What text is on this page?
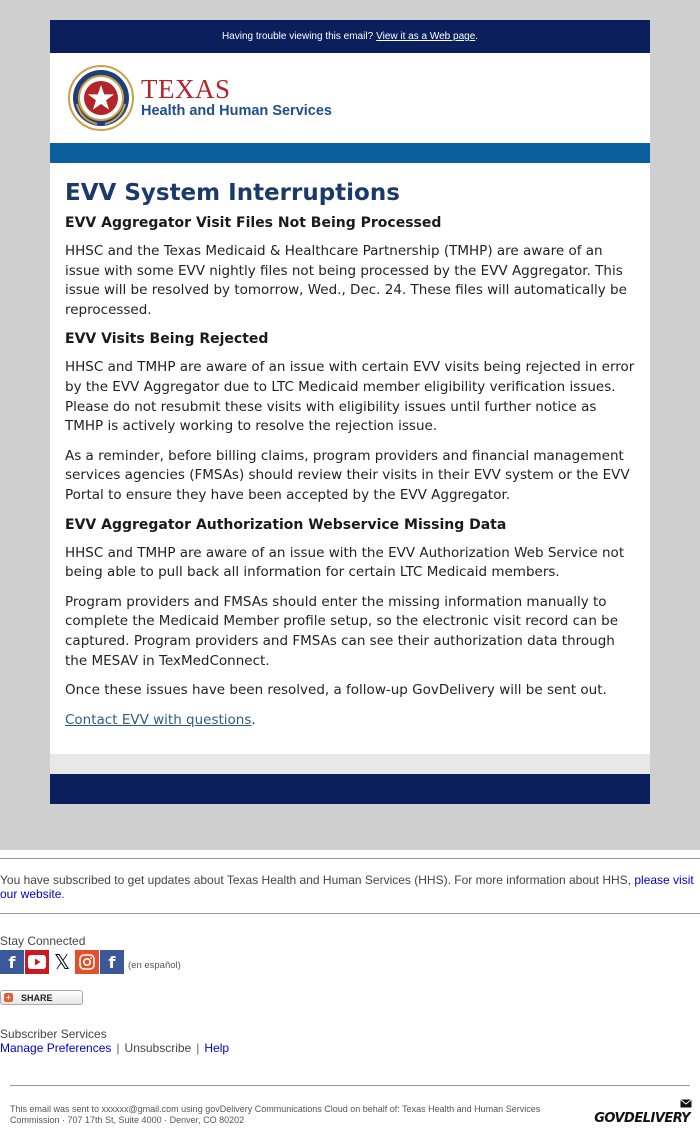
Having trouble viewing this email? View it as a Web page .
TEXAS
Health and Human Services
EVV System Interruptions
EVV Aggregator Visit Files Not Being Processed

HHSC and the Texas Medicaid & Healthcare Partnership (TMHP) are aware of an issue with some EVV nightly files not being processed by the EVV Aggregator. This issue will be resolved by tomorrow, Wed., Dec. 24. These files will automatically be reprocessed.

EVV Visits Being Rejected

HHSC and TMHP are aware of an issue with certain EVV visits being rejected in error by the EVV Aggregator due to LTC Medicaid member eligibility verification issues. Please do not resubmit these visits with eligibility issues until further notice as TMHP is actively working to resolve the rejection issue.

As a reminder, before billing claims, program providers and financial management services agencies (FMSAs) should review their visits in their EVV system or the EVV Portal to ensure they have been accepted by the EVV Aggregator.

EVV Aggregator Authorization Webservice Missing Data

HHSC and TMHP are aware of an issue with the EVV Authorization Web Service not being able to pull back all information for certain LTC Medicaid members.

Program providers and FMSAs should enter the missing information manually to complete the Medicaid Member profile setup, so the electronic visit record can be captured. Program providers and FMSAs can see their authorization data through the MESAV in TexMedConnect.

Once these issues have been resolved, a follow-up GovDelivery will be sent out.

Contact EVV with questions.

You have subscribed to get updates about Texas Health and Human Services (HHS). For more information about HHS, please visit our website.
Stay Connected
f	𝕏	f	(en español)
+ SHARE
Subscriber Services
Manage Preferences | Unsubscribe | Help
This email was sent to xxxxxx@gmail.com using govDelivery Communications Cloud on behalf of: Texas Health and Human Services Commission · 707 17th St, Suite 4000 · Denver, CO 80202	GOVDELIVERY
